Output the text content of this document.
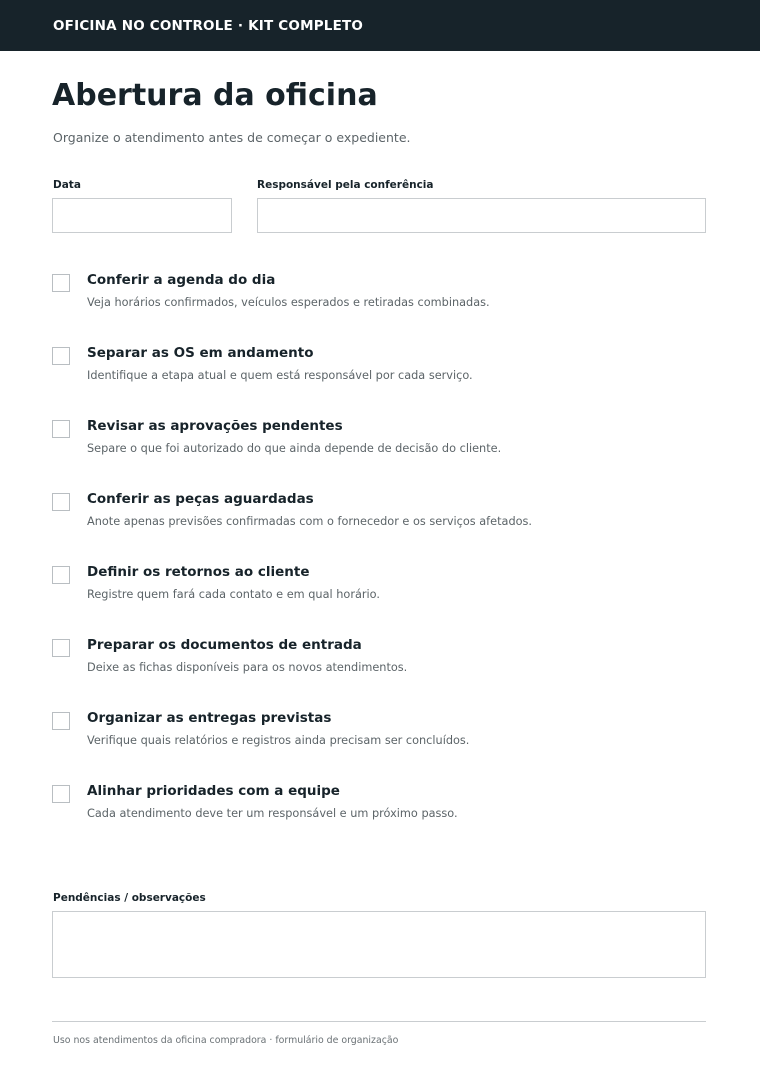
OFICINA NO CONTROLE · KIT COMPLETO
Abertura da oficina
Organize o atendimento antes de começar o expediente.
Data	Responsável pela conferência
Conferir a agenda do dia
Veja horários confirmados, veículos esperados e retiradas combinadas.
Separar as OS em andamento
Identifique a etapa atual e quem está responsável por cada serviço.
Revisar as aprovações pendentes
Separe o que foi autorizado do que ainda depende de decisão do cliente.
Conferir as peças aguardadas
Anote apenas previsões confirmadas com o fornecedor e os serviços afetados.
Definir os retornos ao cliente
Registre quem fará cada contato e em qual horário.
Preparar os documentos de entrada
Deixe as fichas disponíveis para os novos atendimentos.
Organizar as entregas previstas
Verifique quais relatórios e registros ainda precisam ser concluídos.
Alinhar prioridades com a equipe
Cada atendimento deve ter um responsável e um próximo passo.
Pendências / observações
Uso nos atendimentos da oficina compradora · formulário de organização
